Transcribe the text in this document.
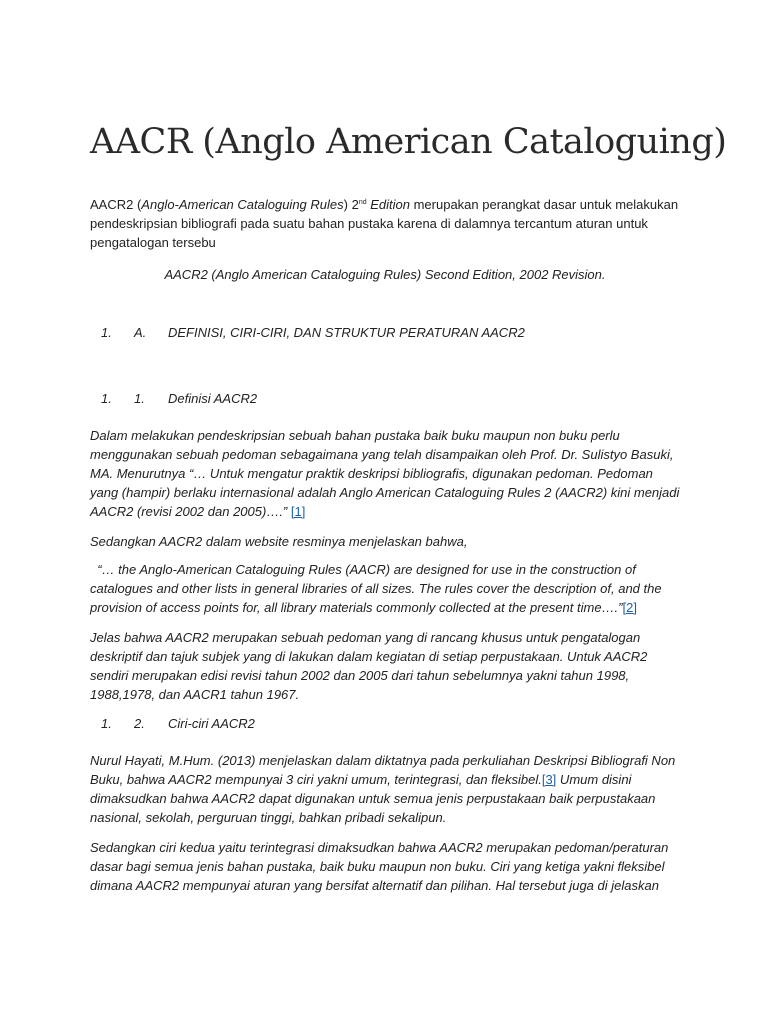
AACR (Anglo American Cataloguing)

AACR2 (Anglo-American Cataloguing Rules) 2nd Edition merupakan perangkat dasar untuk melakukan pendeskripsian bibliografi pada suatu bahan pustaka karena di dalamnya tercantum aturan untuk pengatalogan tersebu

AACR2 (Anglo American Cataloguing Rules) Second Edition, 2002 Revision.

1. A. DEFINISI, CIRI-CIRI, DAN STRUKTUR PERATURAN AACR2

1. 1. Definisi AACR2

Dalam melakukan pendeskripsian sebuah bahan pustaka baik buku maupun non buku perlu menggunakan sebuah pedoman sebagaimana yang telah disampaikan oleh Prof. Dr. Sulistyo Basuki, MA. Menurutnya “… Untuk mengatur praktik deskripsi bibliografis, digunakan pedoman. Pedoman yang (hampir) berlaku internasional adalah Anglo American Cataloguing Rules 2 (AACR2) kini menjadi AACR2 (revisi 2002 dan 2005)….” [1]

Sedangkan AACR2 dalam website resminya menjelaskan bahwa,

“… the Anglo-American Cataloguing Rules (AACR) are designed for use in the construction of catalogues and other lists in general libraries of all sizes. The rules cover the description of, and the provision of access points for, all library materials commonly collected at the present time….”[2]

Jelas bahwa AACR2 merupakan sebuah pedoman yang di rancang khusus untuk pengatalogan deskriptif dan tajuk subjek yang di lakukan dalam kegiatan di setiap perpustakaan. Untuk AACR2 sendiri merupakan edisi revisi tahun 2002 dan 2005 dari tahun sebelumnya yakni tahun 1998, 1988,1978, dan AACR1 tahun 1967.

1. 2. Ciri-ciri AACR2

Nurul Hayati, M.Hum. (2013) menjelaskan dalam diktatnya pada perkuliahan Deskripsi Bibliografi Non Buku, bahwa AACR2 mempunyai 3 ciri yakni umum, terintegrasi, dan fleksibel.[3] Umum disini dimaksudkan bahwa AACR2 dapat digunakan untuk semua jenis perpustakaan baik perpustakaan nasional, sekolah, perguruan tinggi, bahkan pribadi sekalipun.

Sedangkan ciri kedua yaitu terintegrasi dimaksudkan bahwa AACR2 merupakan pedoman/peraturan dasar bagi semua jenis bahan pustaka, baik buku maupun non buku. Ciri yang ketiga yakni fleksibel dimana AACR2 mempunyai aturan yang bersifat alternatif dan pilihan. Hal tersebut juga di jelaskan
